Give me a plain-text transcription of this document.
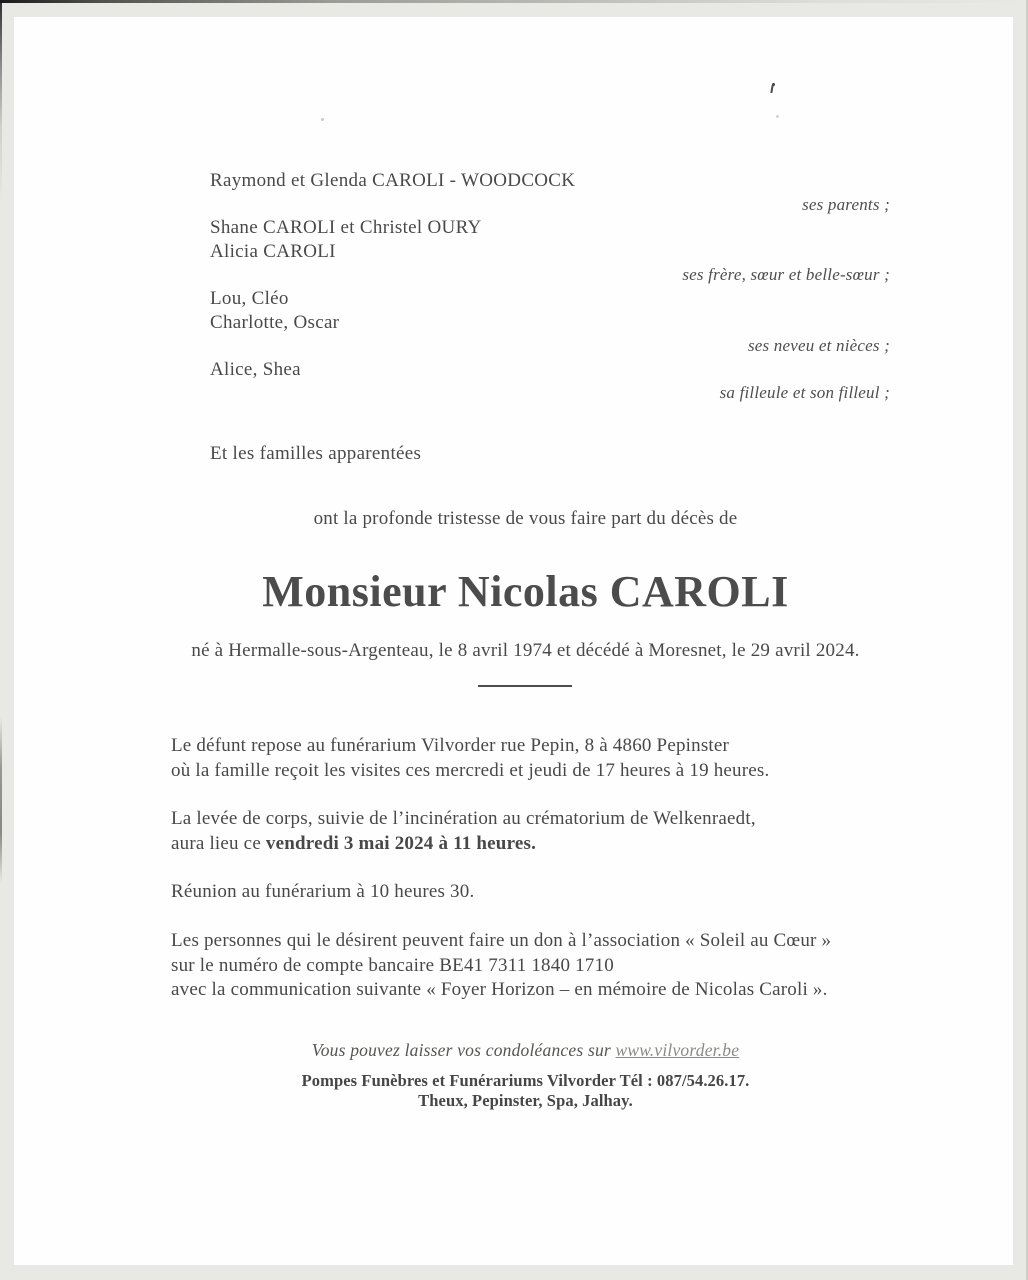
Raymond et Glenda CAROLI - WOODCOCK
ses parents ;
Shane CAROLI et Christel OURY
Alicia CAROLI
ses frère, sœur et belle-sœur ;
Lou, Cléo
Charlotte, Oscar
ses neveu et nièces ;
Alice, Shea
sa filleule et son filleul ;
Et les familles apparentées
ont la profonde tristesse de vous faire part du décès de
Monsieur Nicolas CAROLI
né à Hermalle-sous-Argenteau, le 8 avril 1974 et décédé à Moresnet, le 29 avril 2024.
Le défunt repose au funérarium Vilvorder rue Pepin, 8 à 4860 Pepinster
où la famille reçoit les visites ces mercredi et jeudi de 17 heures à 19 heures.
La levée de corps, suivie de l’incinération au crématorium de Welkenraedt,
aura lieu ce vendredi 3 mai 2024 à 11 heures.
Réunion au funérarium à 10 heures 30.
Les personnes qui le désirent peuvent faire un don à l’association « Soleil au Cœur »
sur le numéro de compte bancaire BE41 7311 1840 1710
avec la communication suivante « Foyer Horizon – en mémoire de Nicolas Caroli ».
Vous pouvez laisser vos condoléances sur www.vilvorder.be
Pompes Funèbres et Funérariums Vilvorder Tél : 087/54.26.17.
Theux, Pepinster, Spa, Jalhay.
